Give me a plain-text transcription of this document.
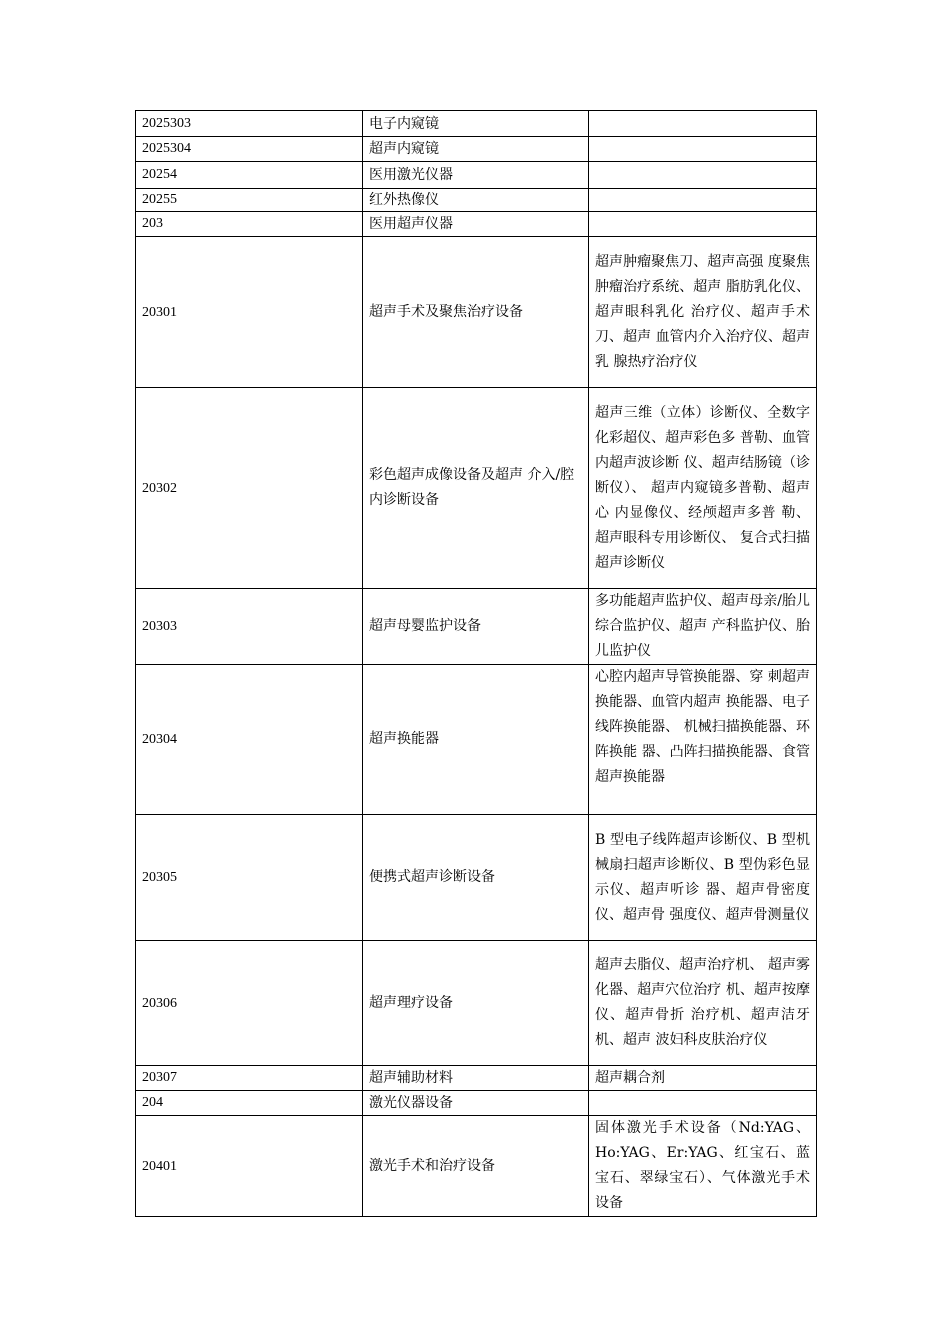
2025303	电子内窥镜	
2025304	超声内窥镜	
20254	医用激光仪器	
20255	红外热像仪	
203	医用超声仪器	
20301	超声手术及聚焦治疗设备	超声肿瘤聚焦刀、超声高强 度聚焦肿瘤治疗系统、超声 脂肪乳化仪、超声眼科乳化 治疗仪、超声手术刀、超声 血管内介入治疗仪、超声乳 腺热疗治疗仪
20302	彩色超声成像设备及超声 介入/腔内诊断设备	超声三维（立体）诊断仪、全数字化彩超仪、超声彩色多 普勒、血管内超声波诊断 仪、超声结肠镜（诊断仪）、 超声内窥镜多普勒、超声心 内显像仪、经颅超声多普 勒、超声眼科专用诊断仪、 复合式扫描超声诊断仪
20303	超声母婴监护设备	多功能超声监护仪、超声母亲/胎儿综合监护仪、超声 产科监护仪、胎儿监护仪
20304	超声换能器	心腔内超声导管换能器、穿 刺超声换能器、血管内超声 换能器、电子线阵换能器、 机械扫描换能器、环阵换能 器、凸阵扫描换能器、食管 超声换能器
20305	便携式超声诊断设备	B 型电子线阵超声诊断仪、B 型机械扇扫超声诊断仪、B 型伪彩色显示仪、超声听诊 器、超声骨密度仪、超声骨 强度仪、超声骨测量仪
20306	超声理疗设备	超声去脂仪、超声治疗机、 超声雾化器、超声穴位治疗 机、超声按摩仪、超声骨折 治疗机、超声洁牙机、超声 波妇科皮肤治疗仪
20307	超声辅助材料	超声耦合剂
204	激光仪器设备	
20401	激光手术和治疗设备	固体激光手术设备（Nd:YAG、Ho:YAG、Er:YAG、红宝石、蓝宝石、翠绿宝石）、气体激光手术设备
